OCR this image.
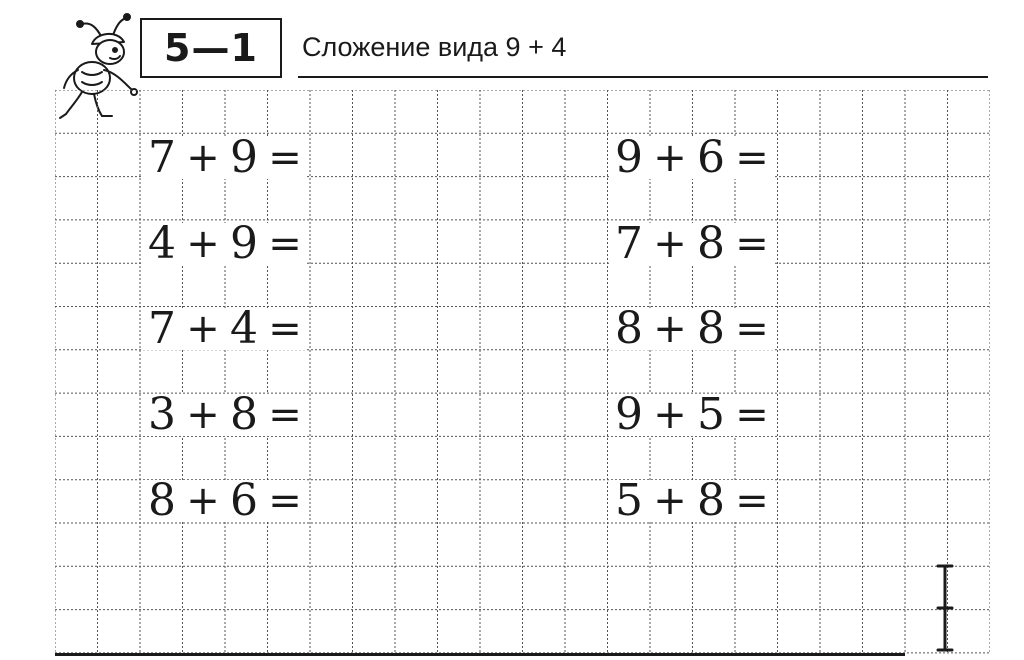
5—1 Сложение вида 9 + 4
7 + 9 =
4 + 9 =
7 + 4 =
3 + 8 =
8 + 6 =
9 + 6 =
7 + 8 =
8 + 8 =
9 + 5 =
5 + 8 =
